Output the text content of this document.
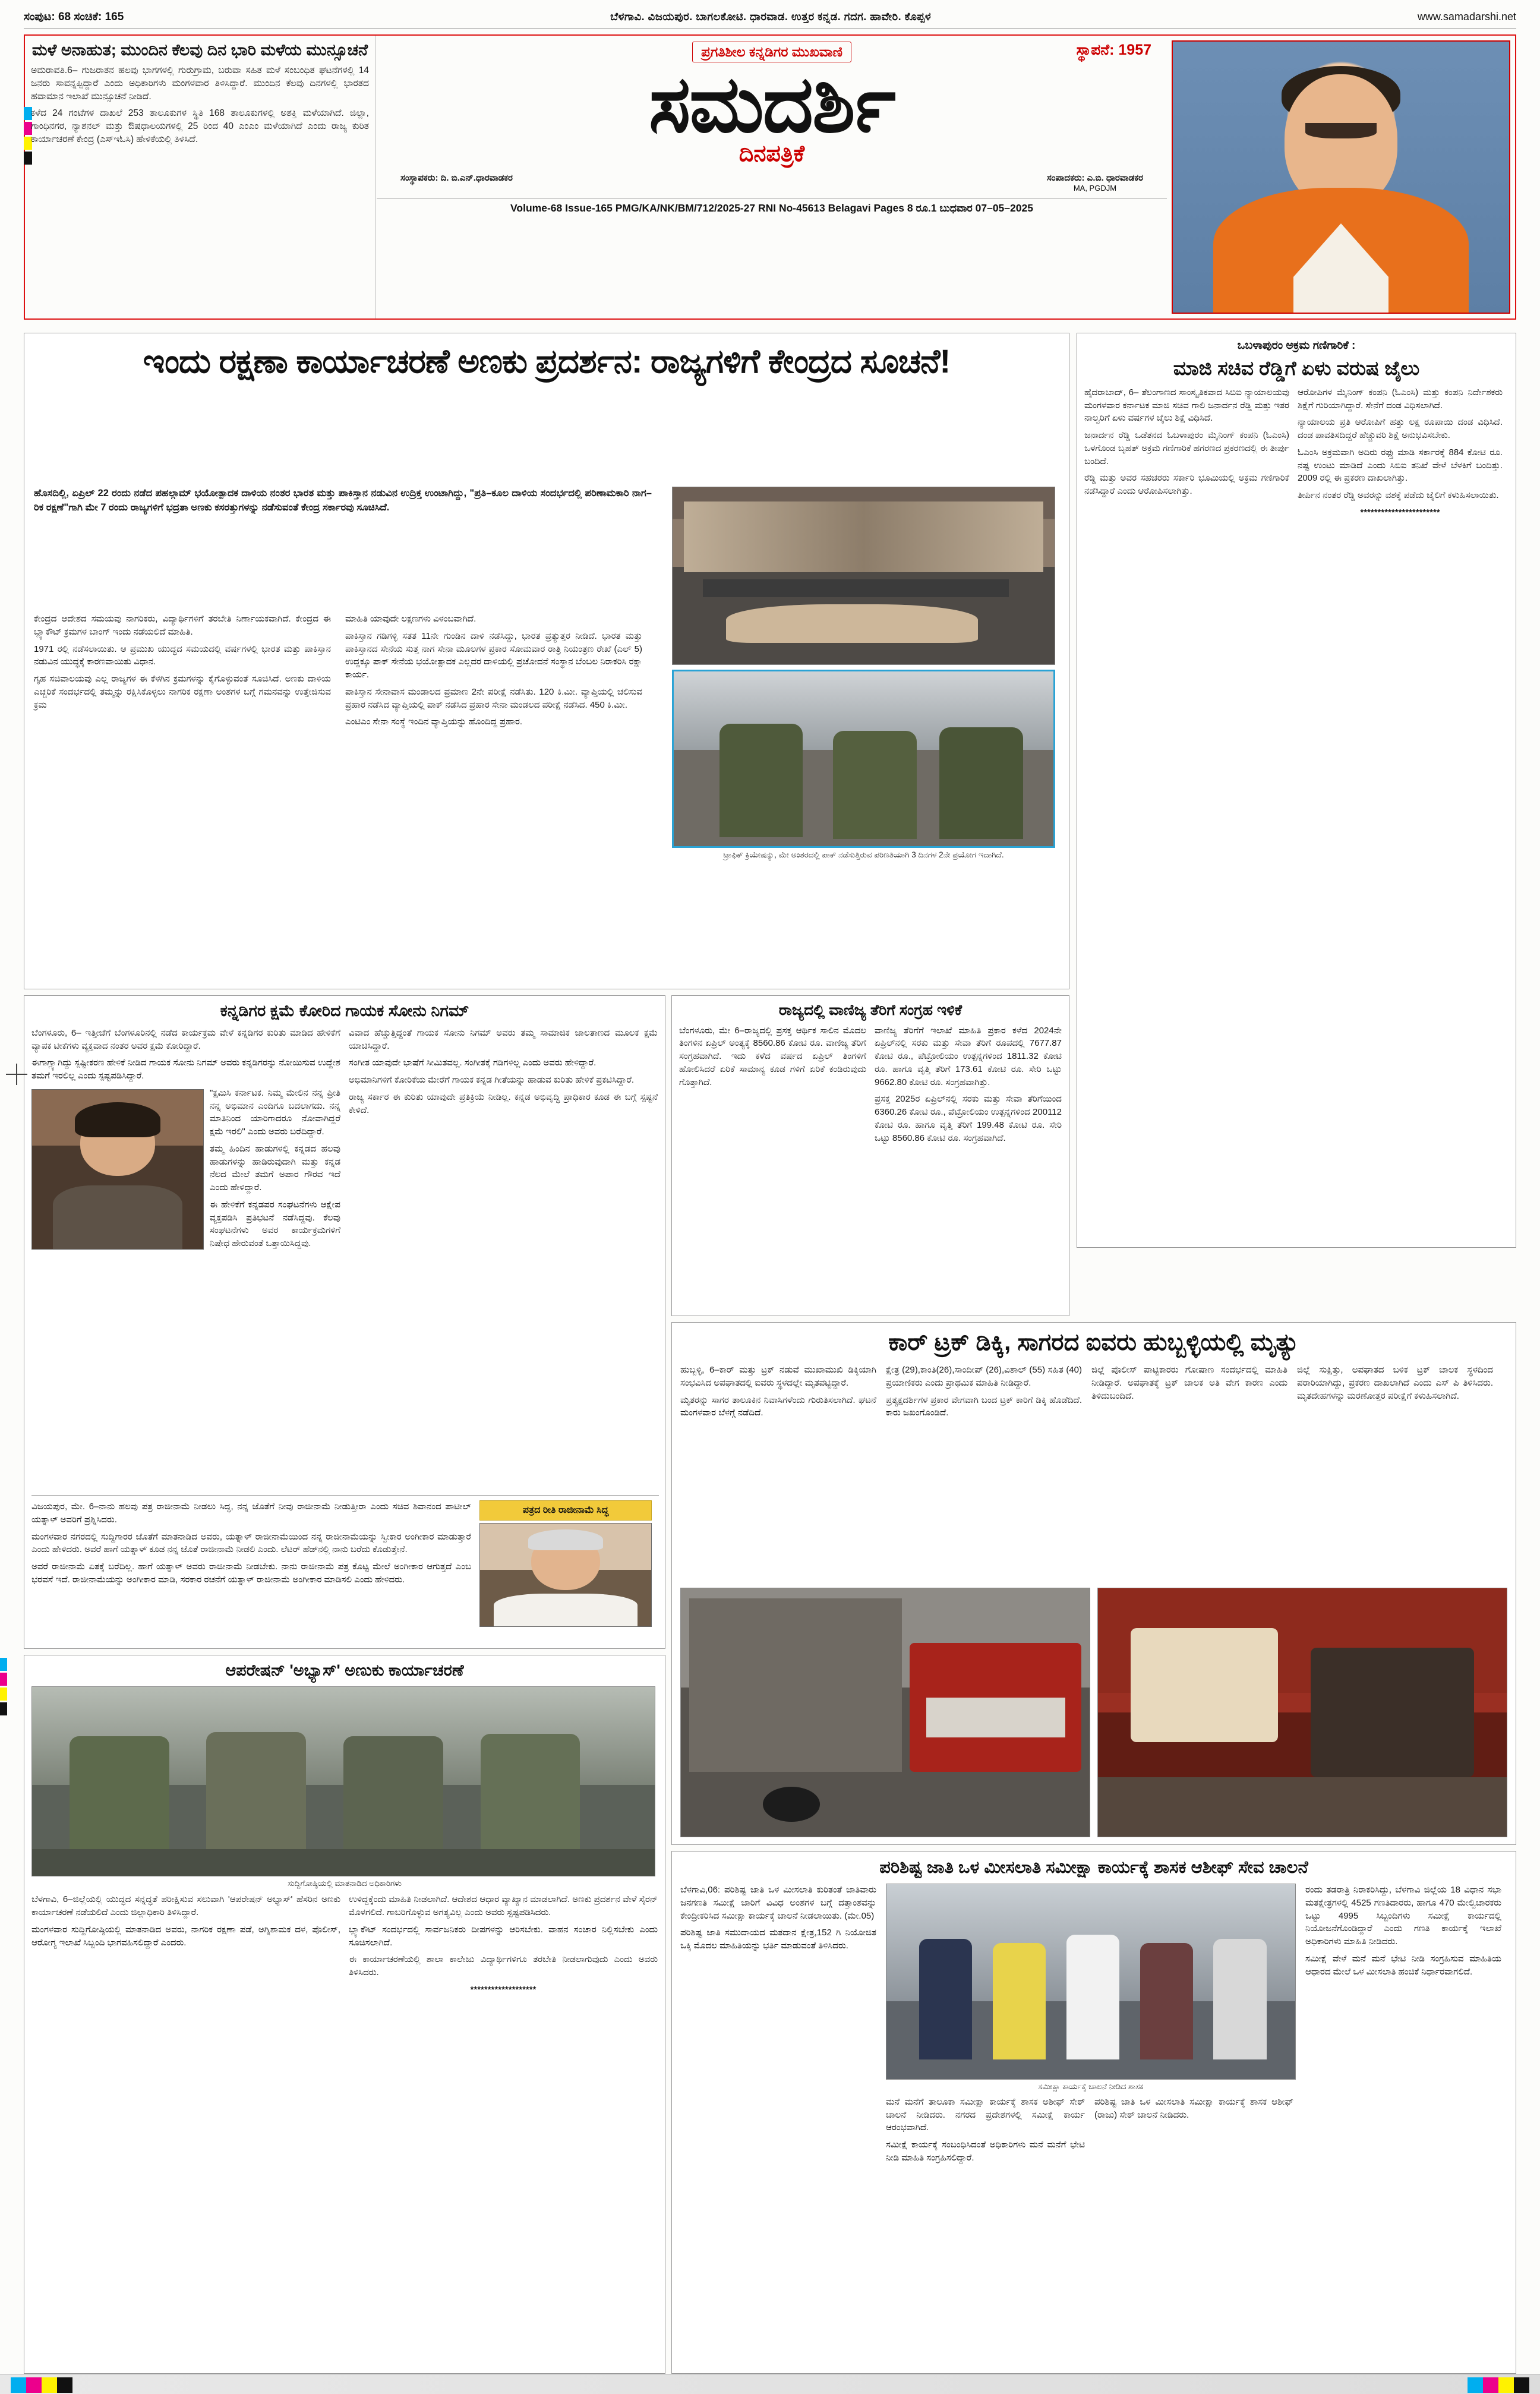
ಸಂಪುಟ: 68 ಸಂಚಿಕೆ: 165	ಬೆಳಗಾವಿ. ವಿಜಯಪುರ. ಬಾಗಲಕೋಟಿ. ಧಾರವಾಡ. ಉತ್ತರ ಕನ್ನಡ. ಗದಗ. ಹಾವೇರಿ. ಕೊಪ್ಪಳ	www.samadarshi.net
ಮಳೆ ಅನಾಹುತ; ಮುಂದಿನ ಕೆಲವು ದಿನ ಭಾರಿ ಮಳೆಯ ಮುನ್ಸೂಚನೆ

ಅಮರಾವತಿ.6– ಗುಜರಾತನ ಹಲವು ಭಾಗಗಳಲ್ಲಿ ಗುರುಗ್ರಾಮ, ಬರುವಾ ಸಹಿತ ಮಳೆ ಸಂಬಂಧಿತ ಘಟನೆಗಳಲ್ಲಿ 14 ಜನರು ಸಾವನ್ನಪ್ಪಿದ್ದಾರೆ ಎಂದು ಅಧಿಕಾರಿಗಳು ಮಂಗಳವಾರ ತಿಳಿಸಿದ್ದಾರೆ. ಮುಂದಿನ ಕೆಲವು ದಿನಗಳಲ್ಲಿ ಭಾರತದ ಹವಾಮಾನ ಇಲಾಖೆ ಮುನ್ಸೂಚನೆ ನೀಡಿದೆ.

ಕಳೆದ 24 ಗಂಟೆಗಳ ದಾಖಲೆ 253 ತಾಲೂಕುಗಳ ಸ್ಥಿತಿ 168 ತಾಲೂಕುಗಳಲ್ಲಿ ಅಶಕ್ತಿ ಮಳೆಯಾಗಿದೆ. ಜಿಲ್ಲಾ, ಗಾಂಧಿನಗರ, ನ್ಯಾಶನಲ್ ಮತ್ತು ಔಷಧಾಲಯಗಳಲ್ಲಿ 25 ರಿಂದ 40 ಎಂಎಂ ಮಳೆಯಾಗಿದೆ ಎಂದು ರಾಜ್ಯ ಕುರಿತ ಕಾರ್ಯಾಚರಣೆ ಕೇಂದ್ರ (ಎಸ್‌ಇಓಸಿ) ಹೇಳಿಕೆಯಲ್ಲಿ ತಿಳಿಸಿದೆ.

ಪ್ರಗತಿಶೀಲ ಕನ್ನಡಿಗರ ಮುಖವಾಣಿ	ಸ್ಥಾಪನೆ: 1957
ಸಮದರ್ಶಿ
ದಿನಪತ್ರಿಕೆ
ಸಂಸ್ಥಾಪಕರು: ದಿ. ಬಿ.ಎನ್.ಧಾರವಾಡಕರ	ಸಂಪಾದಕರು: ಎ.ಬಿ. ಧಾರವಾಡಕರ
MA, PGDJM
Volume-68 Issue-165 PMG/KA/NK/BM/712/2025-27 RNI No-45613 Belagavi Pages 8 ರೂ.1 ಬುಧವಾರ 07–05–2025
ಇಂದು ರಕ್ಷಣಾ ಕಾರ್ಯಾಚರಣೆ ಅಣಕು ಪ್ರದರ್ಶನ: ರಾಜ್ಯಗಳಿಗೆ ಕೇಂದ್ರದ ಸೂಚನೆ!

ಹೊಸದಿಲ್ಲಿ, ಏಪ್ರಿಲ್ 22 ರಂದು ನಡೆದ ಪಹಲ್ಗಾಮ್ ಭಯೋತ್ಪಾದಕ ದಾಳಿಯ ನಂತರ ಭಾರತ ಮತ್ತು ಪಾಕಿಸ್ತಾನ ನಡುವಿನ ಉದ್ರಿಕ್ತ ಉಂಟಾಗಿದ್ದು, "ಪ್ರತಿ–ಕೂಲ ದಾಳಿಯ ಸಂದರ್ಭದಲ್ಲಿ ಪರಿಣಾಮಕಾರಿ ನಾಗ–ರಿಕ ರಕ್ಷಣೆ"ಗಾಗಿ ಮೇ 7 ರಂದು ರಾಜ್ಯಗಳಿಗೆ ಭದ್ರತಾ ಅಣಕು ಕಸರತ್ತುಗಳನ್ನು ನಡೆಸುವಂತೆ ಕೇಂದ್ರ ಸರ್ಕಾರವು ಸೂಚಿಸಿದೆ.

ಕೇಂದ್ರದ ಆದೇಶದ ಸಮಯವು ನಾಗರಿಕರು, ವಿದ್ಯಾರ್ಥಿಗಳಿಗೆ ತರಬೇತಿ ನಿರ್ಣಾಯಕವಾಗಿದೆ. ಕೇಂದ್ರದ ಈ ಬ್ಲ್ಯಾಕೌಟ್ ಕ್ರಮಗಳ ಬಾಂಗ್ ಇಂದು ನಡೆಯಲಿದೆ ಮಾಹಿತಿ.

1971 ರಲ್ಲಿ ನಡೆಸಲಾಯಿತು. ಆ ಪ್ರಮುಖ ಯುದ್ಧದ ಸಮಯದಲ್ಲಿ ವರ್ಷಗಳಲ್ಲಿ ಭಾರತ ಮತ್ತು ಪಾಕಿಸ್ತಾನ ನಡುವಿನ ಯುದ್ಧಕ್ಕೆ ಕಾರಣವಾಯಿತು ವಿಧಾನ.

ಗೃಹ ಸಚಿವಾಲಯವು ಎಲ್ಲ ರಾಜ್ಯಗಳ ಈ ಕೆಳಗಿನ ಕ್ರಮಗಳನ್ನು ಕೈಗೊಳ್ಳುವಂತೆ ಸೂಚಿಸಿದೆ. ಅಣಕು ದಾಳಿಯ ಎಚ್ಚರಿಕೆ ಸಂದರ್ಭದಲ್ಲಿ ತಮ್ಮನ್ನು ರಕ್ಷಿಸಿಕೊಳ್ಳಲು ನಾಗರಿಕ ರಕ್ಷಣಾ ಅಂಶಗಳ ಬಗ್ಗೆ ಗಮನವನ್ನು ಉತ್ತೇಜಿಸುವ ಕ್ರಮ

ಮಾಹಿತಿ ಯಾವುದೇ ಲಕ್ಷಣಗಳು ವಿಳಂಬವಾಗಿದೆ.

ಪಾಕಿಸ್ತಾನ ಗಡಿಗಳ್ಳಿ ಸತತ 11ನೇ ಗುಂಡಿನ ದಾಳಿ ನಡೆಸಿದ್ದು, ಭಾರತ ಪ್ರತ್ಯುತ್ತರ ನೀಡಿದೆ. ಭಾರತ ಮತ್ತು ಪಾಕಿಸ್ತಾನದ ಸೇನೆಯ ಸುತ್ತ ನಾಗ ಸೇನಾ ಮೂಲಗಳ ಪ್ರಕಾರ ಸೋಮವಾರ ರಾತ್ರಿ ನಿಯಂತ್ರಣ ರೇಖೆ (ಎಲ್ 5) ಉದ್ದಕ್ಕೂ ಪಾಕ್ ಸೇನೆಯ ಭಯೋತ್ಪಾದಕ ಎಲ್ಲದರ ದಾಳಿಯಲ್ಲಿ ಪ್ರಚೋದನೆ ಸಂಸ್ಥಾನ ಬೆಂಬಲ ನಿರಾಕರಿಸಿ ರಕ್ಷಾ ಕಾರ್ಯ.

ಪಾಕಿಸ್ತಾನ ಸೇನಾವಾಸ ಮಂಡಾಲದ ಪ್ರಮಾಣ 2ನೇ ಪರೀಕ್ಷೆ ನಡೆಸಿತು. 120 ಕಿ.ಮೀ. ವ್ಯಾಪ್ತಿಯಲ್ಲಿ ಚಲಿಸುವ ಪ್ರಹಾರ ನಡೆಸಿದ ವ್ಯಾಪ್ತಿಯಲ್ಲಿ ಪಾಕ್ ನಡೆಸಿದ ಪ್ರಹಾರ ಸೇನಾ ಮಂಡಲದ ಪರೀಕ್ಷೆ ನಡೆಸಿದ. 450 ಕಿ.ಮೀ.

ಎಂಟಿಎಂ ಸೇನಾ ಸಂಸ್ಥೆ ಇಂದಿನ ವ್ಯಾಪ್ತಿಯನ್ನು ಹೊಂದಿದ್ದ ಪ್ರಹಾರ.

ಟ್ರಾಫಿಕ್ ಕ್ರಿಯೇಷನ್ಯು, ಮೇ ಅಂತರದಲ್ಲಿ ಪಾಕ್ ನಡೆಸುತ್ತಿರುವ ಪರಿಣತಿಯಾಗಿ 3 ದಿನಗಳ 2ನೇ ಪ್ರಯೋಗ ಇದಾಗಿದೆ.
ಒಬಳಾಪುರಂ ಅಕ್ರಮ ಗಣಿಗಾರಿಕೆ :
ಮಾಜಿ ಸಚಿವ ರೆಡ್ಡಿಗೆ ಏಳು ವರುಷ ಜೈಲು

ಹೈದರಾಬಾದ್, 6– ತೆಲಂಗಾಣದ ಸಾಂಸ್ಕೃತಿಕವಾದ ಸಿಬಿಐ ನ್ಯಾಯಾಲಯವು ಮಂಗಳವಾರ ಕರ್ನಾಟಕ ಮಾಜಿ ಸಚಿವ ಗಾಲಿ ಜನಾರ್ದನ ರೆಡ್ಡಿ ಮತ್ತು ಇತರ ನಾಲ್ವರಿಗೆ ಏಳು ವರ್ಷಗಳ ಜೈಲು ಶಿಕ್ಷೆ ವಿಧಿಸಿದೆ.

ಜನಾರ್ದನ ರೆಡ್ಡಿ ಒಡೆತನದ ಓಬಳಾಪುರಂ ಮೈನಿಂಗ್ ಕಂಪನಿ (ಓಎಂಸಿ) ಒಳಗೊಂಡ ಬೃಹತ್ ಅಕ್ರಮ ಗಣಿಗಾರಿಕೆ ಹಗರಣದ ಪ್ರಕರಣದಲ್ಲಿ ಈ ತೀರ್ಪು ಬಂದಿದೆ.

ರೆಡ್ಡಿ ಮತ್ತು ಅವರ ಸಹಚರರು ಸರ್ಕಾರಿ ಭೂಮಿಯಲ್ಲಿ ಅಕ್ರಮ ಗಣಿಗಾರಿಕೆ ನಡೆಸಿದ್ದಾರೆ ಎಂದು ಆರೋಪಿಸಲಾಗಿತ್ತು.

ಆರೋಪಿಗಳ ಮೈನಿಂಗ್ ಕಂಪನಿ (ಓಎಂಸಿ) ಮತ್ತು ಕಂಪನಿ ನಿರ್ದೇಶಕರು ಶಿಕ್ಷೆಗೆ ಗುರಿಯಾಗಿದ್ದಾರೆ. ಸೇನೆಗೆ ದಂಡ ವಿಧಿಸಲಾಗಿದೆ.

ನ್ಯಾಯಾಲಯ ಪ್ರತಿ ಆರೋಪಿಗೆ ಹತ್ತು ಲಕ್ಷ ರೂಪಾಯಿ ದಂಡ ವಿಧಿಸಿದೆ. ದಂಡ ಪಾವತಿಸದಿದ್ದರೆ ಹೆಚ್ಚುವರಿ ಶಿಕ್ಷೆ ಅನುಭವಿಸಬೇಕು.

ಓಎಂಸಿ ಅಕ್ರಮವಾಗಿ ಅದಿರು ರಫ್ತು ಮಾಡಿ ಸರ್ಕಾರಕ್ಕೆ 884 ಕೋಟಿ ರೂ. ನಷ್ಟ ಉಂಟು ಮಾಡಿದೆ ಎಂದು ಸಿಬಿಐ ತನಿಖೆ ವೇಳೆ ಬೆಳಕಿಗೆ ಬಂದಿತ್ತು. 2009 ರಲ್ಲಿ ಈ ಪ್ರಕರಣ ದಾಖಲಾಗಿತ್ತು.

ತೀರ್ಪಿನ ನಂತರ ರೆಡ್ಡಿ ಅವರನ್ನು ವಶಕ್ಕೆ ಪಡೆದು ಜೈಲಿಗೆ ಕಳುಹಿಸಲಾಯಿತು.

***********************

ಕನ್ನಡಿಗರ ಕ್ಷಮೆ ಕೋರಿದ ಗಾಯಕ ಸೋನು ನಿಗಮ್

ಬೆಂಗಳೂರು, 6– ಇತ್ತೀಚೆಗೆ ಬೆಂಗಳೂರಿನಲ್ಲಿ ನಡೆದ ಕಾರ್ಯಕ್ರಮ ವೇಳೆ ಕನ್ನಡಿಗರ ಕುರಿತು ಮಾಡಿದ ಹೇಳಿಕೆಗೆ ವ್ಯಾಪಕ ಟೀಕೆಗಳು ವ್ಯಕ್ತವಾದ ನಂತರ ಅವರ ಕ್ಷಮೆ ಕೋರಿದ್ದಾರೆ.

ಈಗಾಗ್ಲ್ಯಾಗಿದ್ದು ಸ್ಪಷ್ಟೀಕರಣ ಹೇಳಿಕೆ ನೀಡಿದ ಗಾಯಕ ಸೋನು ನಿಗಮ್ ಅವರು ಕನ್ನಡಿಗರನ್ನು ನೋಯಿಸುವ ಉದ್ದೇಶ ತಮಗೆ ಇರಲಿಲ್ಲ ಎಂದು ಸ್ಪಷ್ಟಪಡಿಸಿದ್ದಾರೆ.

"ಕ್ಷಮಿಸಿ ಕರ್ನಾಟಕ. ನಿಮ್ಮ ಮೇಲಿನ ನನ್ನ ಪ್ರೀತಿ ನನ್ನ ಅಭಿಮಾನ ಎಂದಿಗೂ ಬದಲಾಗದು. ನನ್ನ ಮಾತಿನಿಂದ ಯಾರಿಗಾದರೂ ನೋವಾಗಿದ್ದರೆ ಕ್ಷಮೆ ಇರಲಿ" ಎಂದು ಅವರು ಬರೆದಿದ್ದಾರೆ.

ತಮ್ಮ ಹಿಂದಿನ ಹಾಡುಗಳಲ್ಲಿ ಕನ್ನಡದ ಹಲವು ಹಾಡುಗಳನ್ನು ಹಾಡಿರುವುದಾಗಿ ಮತ್ತು ಕನ್ನಡ ನೆಲದ ಮೇಲೆ ತಮಗೆ ಅಪಾರ ಗೌರವ ಇದೆ ಎಂದು ಹೇಳಿದ್ದಾರೆ.

ಈ ಹೇಳಿಕೆಗೆ ಕನ್ನಡಪರ ಸಂಘಟನೆಗಳು ಆಕ್ಷೇಪ ವ್ಯಕ್ತಪಡಿಸಿ ಪ್ರತಿಭಟನೆ ನಡೆಸಿದ್ದವು. ಕೆಲವು ಸಂಘಟನೆಗಳು ಅವರ ಕಾರ್ಯಕ್ರಮಗಳಿಗೆ ನಿಷೇಧ ಹೇರುವಂತೆ ಒತ್ತಾಯಿಸಿದ್ದವು.

ವಿವಾದ ಹೆಚ್ಚುತ್ತಿದ್ದಂತೆ ಗಾಯಕ ಸೋನು ನಿಗಮ್ ಅವರು ತಮ್ಮ ಸಾಮಾಜಿಕ ಜಾಲತಾಣದ ಮೂಲಕ ಕ್ಷಮೆ ಯಾಚಿಸಿದ್ದಾರೆ.

ಸಂಗೀತ ಯಾವುದೇ ಭಾಷೆಗೆ ಸೀಮಿತವಲ್ಲ. ಸಂಗೀತಕ್ಕೆ ಗಡಿಗಳಿಲ್ಲ ಎಂದು ಅವರು ಹೇಳಿದ್ದಾರೆ.

ಅಭಿಮಾನಿಗಳಿಗೆ ಕೋರಿಕೆಯ ಮೇರೆಗೆ ಗಾಯಕ ಕನ್ನಡ ಗೀತೆಯನ್ನು ಹಾಡುವ ಕುರಿತು ಹೇಳಿಕೆ ಪ್ರಕಟಿಸಿದ್ದಾರೆ.

ರಾಜ್ಯ ಸರ್ಕಾರ ಈ ಕುರಿತು ಯಾವುದೇ ಪ್ರತಿಕ್ರಿಯೆ ನೀಡಿಲ್ಲ. ಕನ್ನಡ ಅಭಿವೃದ್ಧಿ ಪ್ರಾಧಿಕಾರ ಕೂಡ ಈ ಬಗ್ಗೆ ಸ್ಪಷ್ಟನೆ ಕೇಳಿದೆ.

ವಿಜಯಪುರ, ಮೇ. 6–ನಾನು ಹಲವು ಪತ್ರ ರಾಜೀನಾಮೆ ನೀಡಲು ಸಿದ್ಧ, ನನ್ನ ಜೊತೆಗೆ ನೀವು ರಾಜೀನಾಮೆ ನೀಡುತ್ತೀರಾ ಎಂದು ಸಚಿವ ಶಿವಾನಂದ ಪಾಟೀಲ್ ಯತ್ನಾಳ್ ಅವರಿಗೆ ಪ್ರಶ್ನಿಸಿದರು.

ಮಂಗಳವಾರ ನಗರದಲ್ಲಿ ಸುದ್ದಿಗಾರರ ಜೊತೆಗೆ ಮಾತನಾಡಿದ ಅವರು, ಯತ್ನಾಳ್ ರಾಜೀನಾಮೆಯಿಂದ ನನ್ನ ರಾಜೀನಾಮೆಯನ್ನು ಸ್ವೀಕಾರ ಅಂಗೀಕಾರ ಮಾಡುತ್ತಾರೆ ಎಂದು ಹೇಳಿದರು. ಅವರೆ ಹಾಗೆ ಯತ್ನಾಳ್ ಕೂಡ ನನ್ನ ಜೊತೆ ರಾಜೀನಾಮೆ ನೀಡಲಿ ಎಂದು. ಲೆಟರ್ ಹೆಡ್‌ನಲ್ಲಿ ನಾನು ಬರೆದು ಕೊಡುತ್ತೇನೆ.

ಅವರೆ ರಾಜೀನಾಮೆ ಏತಕ್ಕೆ ಬರೆದಿಲ್ಲ. ಹಾಗೆ ಯತ್ನಾಳ್ ಅವರು ರಾಜೀನಾಮೆ ನೀಡಬೇಕು. ನಾನು ರಾಜೀನಾಮೆ ಪತ್ರ ಕೊಟ್ಟ ಮೇಲೆ ಅಂಗೀಕಾರ ಆಗುತ್ತದೆ ಎಂಬ ಭರವಸೆ ಇದೆ. ರಾಜೀನಾಮೆಯನ್ನು ಅಂಗೀಕಾರ ಮಾಡಿ, ಸರಕಾರ ರಚನೆಗೆ ಯತ್ನಾಳ್ ರಾಜೀನಾಮೆ ಅಂಗೀಕಾರ ಮಾಡಿಸಲಿ ಎಂದು ಹೇಳಿದರು.

ಪತ್ರದ ರೀತಿ ರಾಜೀನಾಮೆ ಸಿದ್ಧ
ರಾಜ್ಯದಲ್ಲಿ ವಾಣಿಜ್ಯ ತೆರಿಗೆ ಸಂಗ್ರಹ ಇಳಿಕೆ

ಬೆಂಗಳೂರು, ಮೇ 6–ರಾಜ್ಯದಲ್ಲಿ ಪ್ರಸಕ್ತ ಆರ್ಥಿಕ ಸಾಲಿನ ಮೊದಲ ತಿಂಗಳಿನ ಏಪ್ರಿಲ್ ಅಂತ್ಯಕ್ಕೆ 8560.86 ಕೋಟಿ ರೂ. ವಾಣಿಜ್ಯ ತೆರಿಗೆ ಸಂಗ್ರಹವಾಗಿದೆ. ಇದು ಕಳೆದ ವರ್ಷದ ಏಪ್ರಿಲ್ ತಿಂಗಳಿಗೆ ಹೋಲಿಸಿದರೆ ಏರಿಕೆ ಸಾಮಾನ್ಯ ಕೂಡ ಗಳಿಗೆ ಏರಿಕೆ ಕಂಡಿರುವುದು ಗೊತ್ತಾಗಿದೆ.

ವಾಣಿಜ್ಯ ತೆರಿಗೆಗೆ ಇಲಾಖೆ ಮಾಹಿತಿ ಪ್ರಕಾರ ಕಳೆದ 2024ನೇ ಏಪ್ರಿಲ್‌ನಲ್ಲಿ ಸರಕು ಮತ್ತು ಸೇವಾ ತೆರಿಗೆ ರೂಪದಲ್ಲಿ 7677.87 ಕೋಟಿ ರೂ., ಪೆಟ್ರೋಲಿಯಂ ಉತ್ಪನ್ನಗಳಿಂದ 1811.32 ಕೋಟಿ ರೂ. ಹಾಗೂ ವೃತ್ತಿ ತೆರಿಗೆ 173.61 ಕೋಟಿ ರೂ. ಸೇರಿ ಒಟ್ಟು 9662.80 ಕೋಟಿ ರೂ. ಸಂಗ್ರಹವಾಗಿತ್ತು.

ಪ್ರಸಕ್ತ 2025ರ ಏಪ್ರಿಲ್‌ನಲ್ಲಿ ಸರಕು ಮತ್ತು ಸೇವಾ ತೆರಿಗೆಯಿಂದ 6360.26 ಕೋಟಿ ರೂ., ಪೆಟ್ರೋಲಿಯಂ ಉತ್ಪನ್ನಗಳಿಂದ 200112 ಕೋಟಿ ರೂ. ಹಾಗೂ ವೃತ್ತಿ ತೆರಿಗೆ 199.48 ಕೋಟಿ ರೂ. ಸೇರಿ ಒಟ್ಟು 8560.86 ಕೋಟಿ ರೂ. ಸಂಗ್ರಹವಾಗಿದೆ.

ಕಾರ್ ಟ್ರಕ್ ಡಿಕ್ಕಿ, ಸಾಗರದ ಐವರು ಹುಬ್ಬಳ್ಳಿಯಲ್ಲಿ ಮೃತ್ಯು

ಹುಬ್ಬಳ್ಳಿ, 6–ಕಾರ್ ಮತ್ತು ಟ್ರಕ್ ನಡುವೆ ಮುಖಾಮುಖಿ ಡಿಕ್ಕಿಯಾಗಿ ಸಂಭವಿಸಿದ ಅಪಘಾತದಲ್ಲಿ ಐವರು ಸ್ಥಳದಲ್ಲೇ ಮೃತಪಟ್ಟಿದ್ದಾರೆ.

ಮೃತರನ್ನು ಸಾಗರ ತಾಲೂಕಿನ ನಿವಾಸಿಗಳೆಂದು ಗುರುತಿಸಲಾಗಿದೆ. ಘಟನೆ ಮಂಗಳವಾರ ಬೆಳಗ್ಗೆ ನಡೆದಿದೆ.

ಕ್ಷೇತ್ರ (29),ಕಾಂತಿ(26),ಸಾಂದೀಪ್ (26),ವಿಶಾಲ್ (55) ಸಹಿತ (40) ಪ್ರಯಾಣಿಕರು ಎಂದು ಪ್ರಾಥಮಿಕ ಮಾಹಿತಿ ನೀಡಿದ್ದಾರೆ.

ಪ್ರತ್ಯಕ್ಷದರ್ಶಿಗಳ ಪ್ರಕಾರ ವೇಗವಾಗಿ ಬಂದ ಟ್ರಕ್ ಕಾರಿಗೆ ಡಿಕ್ಕಿ ಹೊಡೆದಿದೆ. ಕಾರು ಜಖಂಗೊಂಡಿದೆ.

ಜಿಲ್ಲೆ ಪೊಲೀಸ್ ಪಾಟ್ಟಿಕಾರರು ಗೋಷಾಣ ಸಂದರ್ಭದಲ್ಲಿ ಮಾಹಿತಿ ನೀಡಿದ್ದಾರೆ. ಅಪಘಾತಕ್ಕೆ ಟ್ರಕ್ ಚಾಲಕ ಅತಿ ವೇಗ ಕಾರಣ ಎಂದು ತಿಳಿದುಬಂದಿದೆ.

ಜಿಲ್ಲೆ ಸುಕ್ಷಿತ್ತು, ಅಪಘಾತದ ಬಳಿಕ ಟ್ರಕ್ ಚಾಲಕ ಸ್ಥಳದಿಂದ ಪರಾರಿಯಾಗಿದ್ದು, ಪ್ರಕರಣ ದಾಖಲಾಗಿದೆ ಎಂದು ಎಸ್ ಪಿ ತಿಳಿಸಿದರು. ಮೃತದೇಹಗಳನ್ನು ಮರಣೋತ್ತರ ಪರೀಕ್ಷೆಗೆ ಕಳುಹಿಸಲಾಗಿದೆ.

ಪರಿಶಿಷ್ಟ ಜಾತಿ ಒಳ ಮೀಸಲಾತಿ ಸಮೀಕ್ಷಾ ಕಾರ್ಯಕ್ಕೆ ಶಾಸಕ ಆಶೀಫ್ ಸೇವ ಚಾಲನೆ

ಬೆಳಗಾವಿ,06: ಪರಿಶಿಷ್ಟ ಜಾತಿ ಒಳ ಮೀಸಲಾತಿ ಕುರಿತಂತೆ ಜಾತಿವಾರು ಜನಗಣತಿ ಸಮೀಕ್ಷೆ ಜಾರಿಗೆ ವಿವಿಧ ಅಂಶಗಳ ಬಗ್ಗೆ ದತ್ತಾಂಶವನ್ನು ಕೇಂದ್ರೀಕರಿಸಿದ ಸಮೀಕ್ಷಾ ಕಾರ್ಯಕ್ಕೆ ಚಾಲನೆ ನೀಡಲಾಯಿತು. (ಮೇ.05)

ಪರಿಶಿಷ್ಟ ಜಾತಿ ಸಮುದಾಯದ ಮತದಾನ ಕ್ಷೇತ್ರ,152 ಗಿ ನಿಯೋಜಿತ ಒಕ್ಕಿ ಮೊದಲ ಮಾಹಿತಿಯನ್ನು ಭರ್ತಿ ಮಾಡುವಂತೆ ತಿಳಿಸಿದರು.

ಸಮೀಕ್ಷಾ ಕಾರ್ಯಕ್ಕೆ ಚಾಲನೆ ನೀಡಿದ ಶಾಸಕ

ಮನೆ ಮನೆಗೆ ತಾಲೂಕಾ ಸಮೀಕ್ಷಾ ಕಾರ್ಯಕ್ಕೆ ಶಾಸಕ ಅಶೀಫ್ ಸೇಠ್ ಚಾಲನೆ ನೀಡಿದರು. ನಗರದ ಪ್ರದೇಶಗಳಲ್ಲಿ ಸಮೀಕ್ಷೆ ಕಾರ್ಯ ಆರಂಭವಾಗಿದೆ.

ಸಮೀಕ್ಷೆ ಕಾರ್ಯಕ್ಕೆ ಸಂಬಂಧಿಸಿದಂತೆ ಅಧಿಕಾರಿಗಳು ಮನೆ ಮನೆಗೆ ಭೇಟಿ ನೀಡಿ ಮಾಹಿತಿ ಸಂಗ್ರಹಿಸಲಿದ್ದಾರೆ.

ಪರಿಶಿಷ್ಟ ಜಾತಿ ಒಳ ಮೀಸಲಾತಿ ಸಮೀಕ್ಷಾ ಕಾರ್ಯಕ್ಕೆ ಶಾಸಕ ಆಶೀಫ್ (ರಾಜು) ಸೇಠ್ ಚಾಲನೆ ನೀಡಿದರು.

ರಂದು ತಡರಾತ್ರಿ ನಿರಾಕರಿಸಿದ್ದು, ಬೆಳಗಾವಿ ಜಿಲ್ಲೆಯ 18 ವಿಧಾನ ಸಭಾ ಮತಕ್ಷೇತ್ರಗಳಲ್ಲಿ 4525 ಗಣತಿದಾರರು, ಹಾಗೂ 470 ಮೇಲ್ವಿಚಾರಕರು ಒಟ್ಟು 4995 ಸಿಬ್ಬಂದಿಗಳು ಸಮೀಕ್ಷೆ ಕಾರ್ಯದಲ್ಲಿ ನಿಯೋಜನೆಗೊಂಡಿದ್ದಾರೆ ಎಂದು ಗಣತಿ ಕಾರ್ಯಕ್ಕೆ ಇಲಾಖೆ ಅಧಿಕಾರಿಗಳು ಮಾಹಿತಿ ನೀಡಿದರು.

ಸಮೀಕ್ಷೆ ವೇಳೆ ಮನೆ ಮನೆ ಭೇಟಿ ನೀಡಿ ಸಂಗ್ರಹಿಸುವ ಮಾಹಿತಿಯ ಆಧಾರದ ಮೇಲೆ ಒಳ ಮೀಸಲಾತಿ ಹಂಚಿಕೆ ನಿರ್ಧಾರವಾಗಲಿದೆ.

ಆಪರೇಷನ್ 'ಅಭ್ಯಾಸ್' ಅಣುಕು ಕಾರ್ಯಾಚರಣೆ
ಸುದ್ದಿಗೋಷ್ಠಿಯಲ್ಲಿ ಮಾತನಾಡಿದ ಅಧಿಕಾರಿಗಳು

ಬೆಳಗಾವಿ, 6–ಜಿಲ್ಲೆಯಲ್ಲಿ ಯುದ್ಧದ ಸನ್ನದ್ಧತೆ ಪರೀಕ್ಷಿಸುವ ಸಲುವಾಗಿ 'ಆಪರೇಷನ್ ಅಭ್ಯಾಸ್' ಹೆಸರಿನ ಅಣಕು ಕಾರ್ಯಾಚರಣೆ ನಡೆಯಲಿದೆ ಎಂದು ಜಿಲ್ಲಾಧಿಕಾರಿ ತಿಳಿಸಿದ್ದಾರೆ.

ಮಂಗಳವಾರ ಸುದ್ದಿಗೋಷ್ಠಿಯಲ್ಲಿ ಮಾತನಾಡಿದ ಅವರು, ನಾಗರಿಕ ರಕ್ಷಣಾ ಪಡೆ, ಅಗ್ನಿಶಾಮಕ ದಳ, ಪೊಲೀಸ್, ಆರೋಗ್ಯ ಇಲಾಖೆ ಸಿಬ್ಬಂದಿ ಭಾಗವಹಿಸಲಿದ್ದಾರೆ ಎಂದರು.

ಉಳಿದ್ದಕ್ಕೆಂದು ಮಾಹಿತಿ ನೀಡಲಾಗಿದೆ. ಆದೇಶದ ಆಧಾರ ವ್ಯಾಖ್ಯಾನ ಮಾಡಲಾಗಿದೆ. ಅಣಕು ಪ್ರದರ್ಶನ ವೇಳೆ ಸೈರನ್ ಮೊಳಗಲಿದೆ. ಗಾಬರಿಗೊಳ್ಳುವ ಅಗತ್ಯವಿಲ್ಲ ಎಂದು ಅವರು ಸ್ಪಷ್ಟಪಡಿಸಿದರು.

ಬ್ಲ್ಯಾಕೌಟ್ ಸಂದರ್ಭದಲ್ಲಿ ಸಾರ್ವಜನಿಕರು ದೀಪಗಳನ್ನು ಆರಿಸಬೇಕು. ವಾಹನ ಸಂಚಾರ ನಿಲ್ಲಿಸಬೇಕು ಎಂದು ಸೂಚಿಸಲಾಗಿದೆ.

ಈ ಕಾರ್ಯಾಚರಣೆಯಲ್ಲಿ ಶಾಲಾ ಕಾಲೇಜು ವಿದ್ಯಾರ್ಥಿಗಳಿಗೂ ತರಬೇತಿ ನೀಡಲಾಗುವುದು ಎಂದು ಅವರು ತಿಳಿಸಿದರು.

*******************
